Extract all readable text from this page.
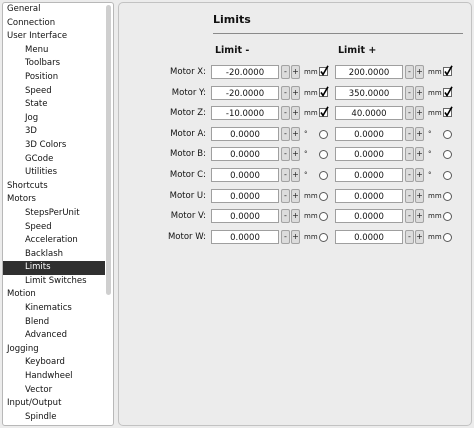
General
Connection
User Interface
Menu
Toolbars
Position
Speed
State
Jog
3D
3D Colors
GCode
Utilities
Shortcuts
Motors
StepsPerUnit
Speed
Acceleration
Backlash
Limits
Limit Switches
Motion
Kinematics
Blend
Advanced
Jogging
Keyboard
Handwheel
Vector
Input/Output
Spindle
Limits
Limit -	Limit +
Motor X:	-20.0000	- + mm	200.0000	- + mm
Motor Y:	-20.0000	- + mm	350.0000	- + mm
Motor Z:	-10.0000	- + mm	40.0000	- + mm
Motor A:	0.0000	- + °	0.0000	- + °
Motor B:	0.0000	- + °	0.0000	- + °
Motor C:	0.0000	- + °	0.0000	- + °
Motor U:	0.0000	- + mm	0.0000	- + mm
Motor V:	0.0000	- + mm	0.0000	- + mm
Motor W:	0.0000	- + mm	0.0000	- + mm
